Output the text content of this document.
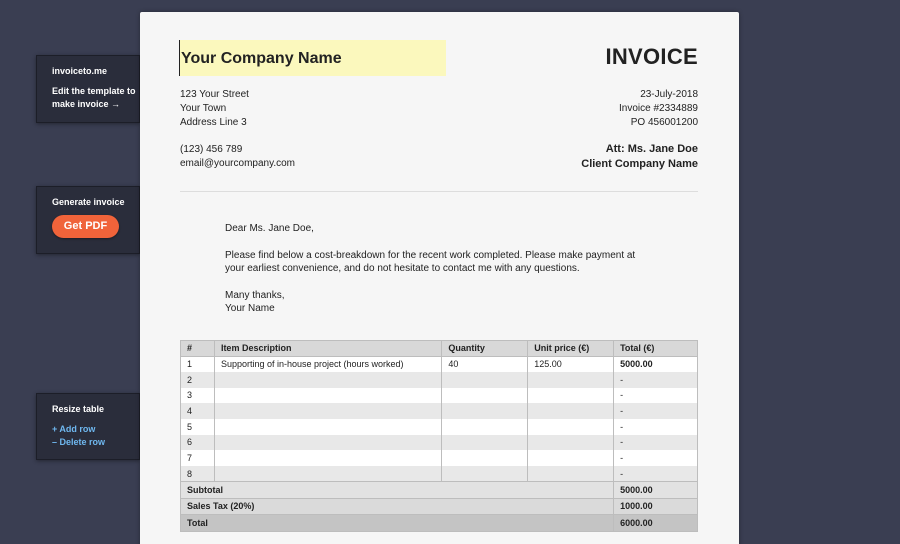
invoiceto.me
Edit the template to make invoice →
Generate invoice
Get PDF
Resize table
+ Add row
– Delete row
Your Company Name	INVOICE
123 Your Street
Your Town
Address Line 3
(123) 456 789
email@yourcompany.com
23-July-2018
Invoice #2334889
PO 456001200
Att: Ms. Jane Doe
Client Company Name

Dear Ms. Jane Doe,

Please find below a cost-breakdown for the recent work completed. Please make payment at your earliest convenience, and do not hesitate to contact me with any questions.

Many thanks,
Your Name
#	Item Description	Quantity	Unit price (€)	Total (€)
1	Supporting of in-house project (hours worked)	40	125.00	5000.00
2				-
3				-
4				-
5				-
6				-
7				-
8				-
Subtotal				5000.00
Sales Tax (20%)				1000.00
Total				6000.00
